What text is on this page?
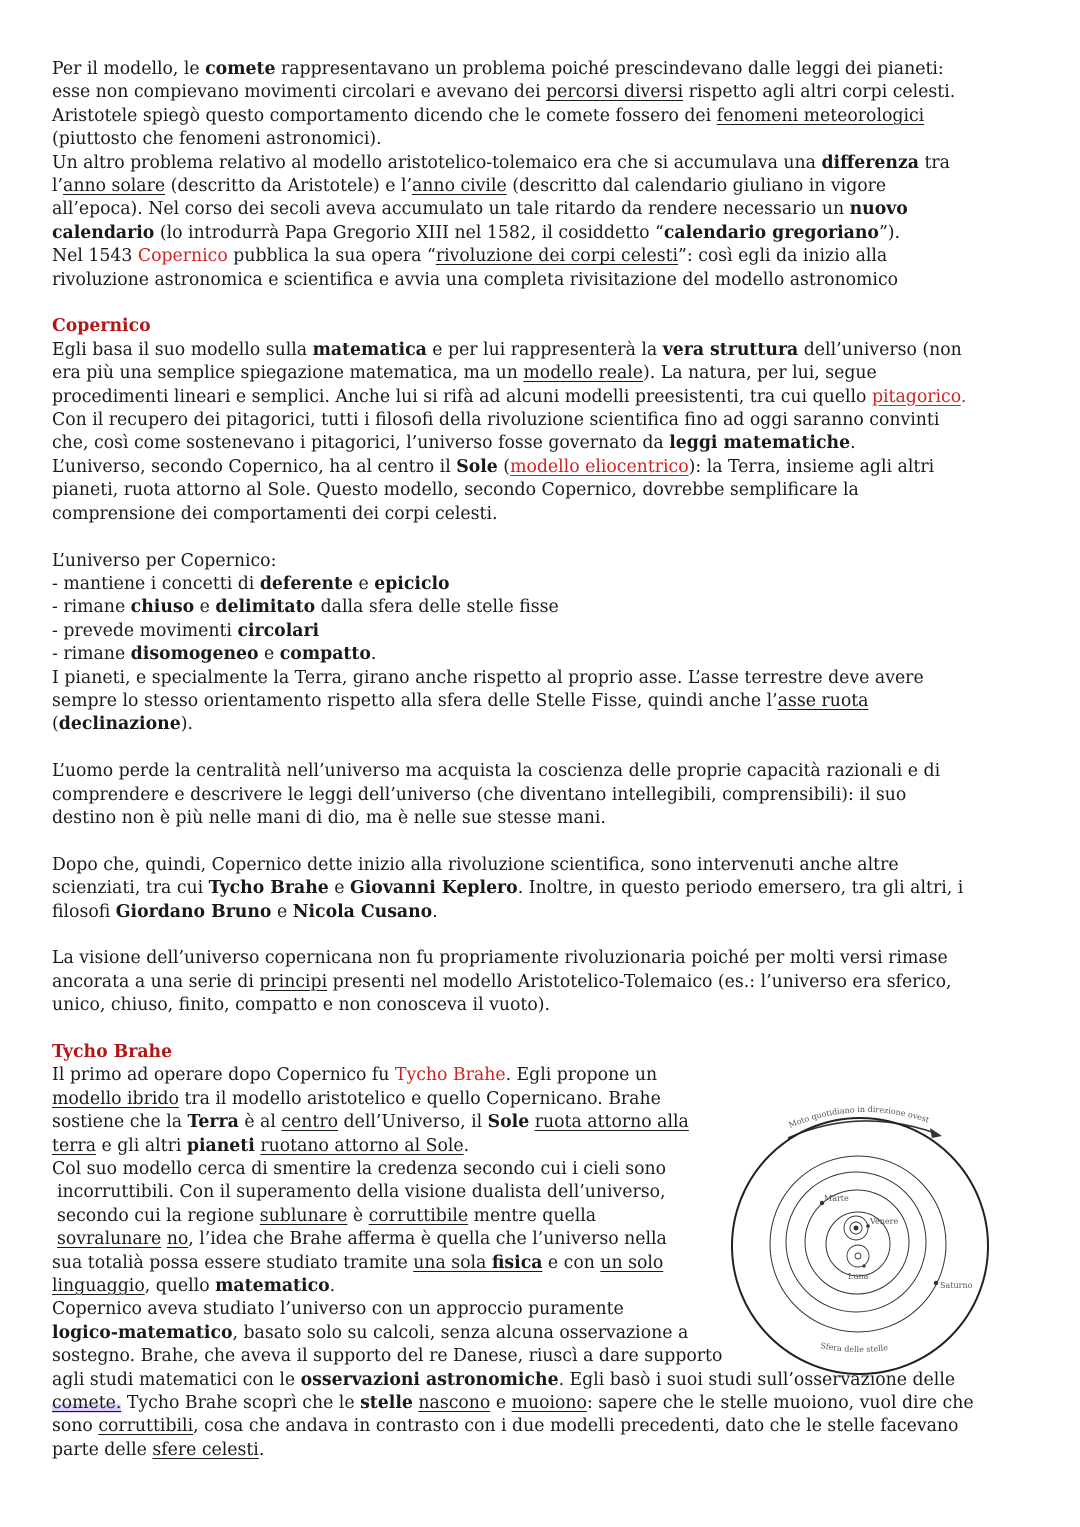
Per il modello, le comete rappresentavano un problema poiché prescindevano dalle leggi dei pianeti:
esse non compievano movimenti circolari e avevano dei percorsi diversi rispetto agli altri corpi celesti.
Aristotele spiegò questo comportamento dicendo che le comete fossero dei fenomeni meteorologici
(piuttosto che fenomeni astronomici).

Un altro problema relativo al modello aristotelico-tolemaico era che si accumulava una differenza tra
l’anno solare (descritto da Aristotele) e l’anno civile (descritto dal calendario giuliano in vigore
all’epoca). Nel corso dei secoli aveva accumulato un tale ritardo da rendere necessario un nuovo
calendario (lo introdurrà Papa Gregorio XIII nel 1582, il cosiddetto “calendario gregoriano”).

Nel 1543 Copernico pubblica la sua opera “rivoluzione dei corpi celesti”: così egli da inizio alla
rivoluzione astronomica e scientifica e avvia una completa rivisitazione del modello astronomico

Copernico

Egli basa il suo modello sulla matematica e per lui rappresenterà la vera struttura dell’universo (non
era più una semplice spiegazione matematica, ma un modello reale). La natura, per lui, segue
procedimenti lineari e semplici. Anche lui si rifà ad alcuni modelli preesistenti, tra cui quello pitagorico.
Con il recupero dei pitagorici, tutti i filosofi della rivoluzione scientifica fino ad oggi saranno convinti
che, così come sostenevano i pitagorici, l’universo fosse governato da leggi matematiche.
L’universo, secondo Copernico, ha al centro il Sole (modello eliocentrico): la Terra, insieme agli altri
pianeti, ruota attorno al Sole. Questo modello, secondo Copernico, dovrebbe semplificare la
comprensione dei comportamenti dei corpi celesti.

L’universo per Copernico:
- mantiene i concetti di deferente e epiciclo
- rimane chiuso e delimitato dalla sfera delle stelle fisse
- prevede movimenti circolari
- rimane disomogeneo e compatto.
I pianeti, e specialmente la Terra, girano anche rispetto al proprio asse. L’asse terrestre deve avere
sempre lo stesso orientamento rispetto alla sfera delle Stelle Fisse, quindi anche l’asse ruota
(declinazione).

L’uomo perde la centralità nell’universo ma acquista la coscienza delle proprie capacità razionali e di
comprendere e descrivere le leggi dell’universo (che diventano intellegibili, comprensibili): il suo
destino non è più nelle mani di dio, ma è nelle sue stesse mani.

Dopo che, quindi, Copernico dette inizio alla rivoluzione scientifica, sono intervenuti anche altre
scienziati, tra cui Tycho Brahe e Giovanni Keplero. Inoltre, in questo periodo emersero, tra gli altri, i
filosofi Giordano Bruno e Nicola Cusano.

La visione dell’universo copernicana non fu propriamente rivoluzionaria poiché per molti versi rimase
ancorata a una serie di principi presenti nel modello Aristotelico-Tolemaico (es.: l’universo era sferico,
unico, chiuso, finito, compatto e non conosceva il vuoto).

Tycho Brahe

Il primo ad operare dopo Copernico fu Tycho Brahe. Egli propone un
modello ibrido tra il modello aristotelico e quello Copernicano. Brahe
sostiene che la Terra è al centro dell’Universo, il Sole ruota attorno alla
terra e gli altri pianeti ruotano attorno al Sole.
Col suo modello cerca di smentire la credenza secondo cui i cieli sono
incorruttibili. Con il superamento della visione dualista dell’universo,
secondo cui la regione sublunare è corruttibile mentre quella
sovralunare no, l’idea che Brahe afferma è quella che l’universo nella
sua totalià possa essere studiato tramite una sola fisica e con un solo
linguaggio, quello matematico.
Copernico aveva studiato l’universo con un approccio puramente
logico-matematico, basato solo su calcoli, senza alcuna osservazione a
sostegno. Brahe, che aveva il supporto del re Danese, riuscì a dare supporto

agli studi matematici con le osservazioni astronomiche. Egli basò i suoi studi sull’osservazione delle
comete. Tycho Brahe scoprì che le stelle nascono e muoiono: sapere che le stelle muoiono, vuol dire che
sono corruttibili, cosa che andava in contrasto con i due modelli precedenti, dato che le stelle facevano
parte delle sfere celesti.

Moto quotidiano in direzione ovest
Marte
Venere
Luna
Saturno
Sfera delle stelle
